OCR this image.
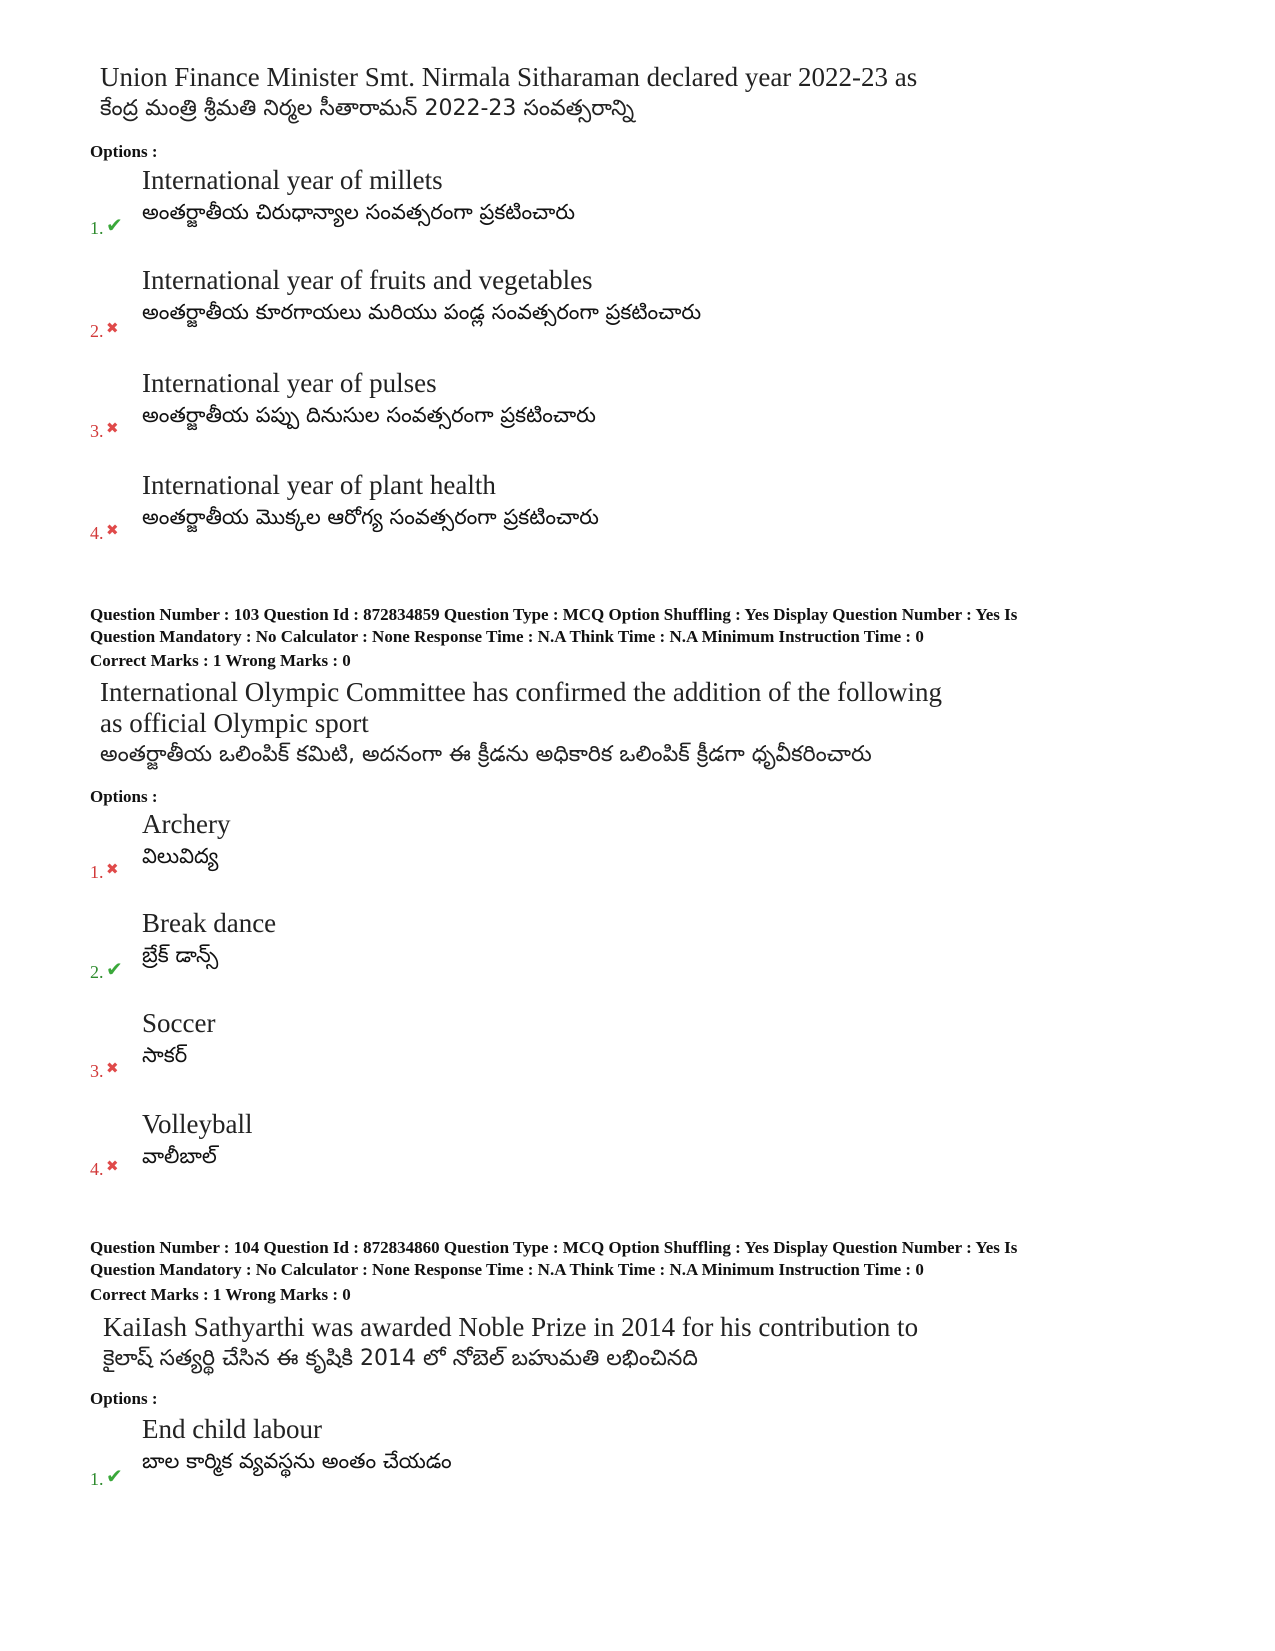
Union Finance Minister Smt. Nirmala Sitharaman declared year 2022-23 as
కేంద్ర మంత్రి శ్రీమతి నిర్మల సీతారామన్ 2022-23 సంవత్సరాన్ని
Options :
International year of millets
అంతర్జాతీయ చిరుధాన్యాల సంవత్సరంగా ప్రకటించారు
1. ✔
International year of fruits and vegetables
అంతర్జాతీయ కూరగాయలు మరియు పండ్ల సంవత్సరంగా ప్రకటించారు
2. ✖
International year of pulses
అంతర్జాతీయ పప్పు దినుసుల సంవత్సరంగా ప్రకటించారు
3. ✖
International year of plant health
అంతర్జాతీయ మొక్కల ఆరోగ్య సంవత్సరంగా ప్రకటించారు
4. ✖
Question Number : 103 Question Id : 872834859 Question Type : MCQ Option Shuffling : Yes Display Question Number : Yes Is
Question Mandatory : No Calculator : None Response Time : N.A Think Time : N.A Minimum Instruction Time : 0
Correct Marks : 1 Wrong Marks : 0
International Olympic Committee has confirmed the addition of the following
as official Olympic sport
అంతర్జాతీయ ఒలింపిక్ కమిటి, అదనంగా ఈ క్రీడను అధికారిక ఒలింపిక్ క్రీడగా ధృవీకరించారు
Options :
Archery
విలువిద్య
1. ✖
Break dance
బ్రేక్ డాన్స్
2. ✔
Soccer
సాకర్
3. ✖
Volleyball
వాలీబాల్
4. ✖
Question Number : 104 Question Id : 872834860 Question Type : MCQ Option Shuffling : Yes Display Question Number : Yes Is
Question Mandatory : No Calculator : None Response Time : N.A Think Time : N.A Minimum Instruction Time : 0
Correct Marks : 1 Wrong Marks : 0
KaiIash Sathyarthi was awarded Noble Prize in 2014 for his contribution to
కైలాష్ సత్యర్థి చేసిన ఈ కృషికి 2014 లో నోబెల్ బహుమతి లభించినది
Options :
End child labour
బాల కార్మిక వ్యవస్థను అంతం చేయడం
1. ✔
